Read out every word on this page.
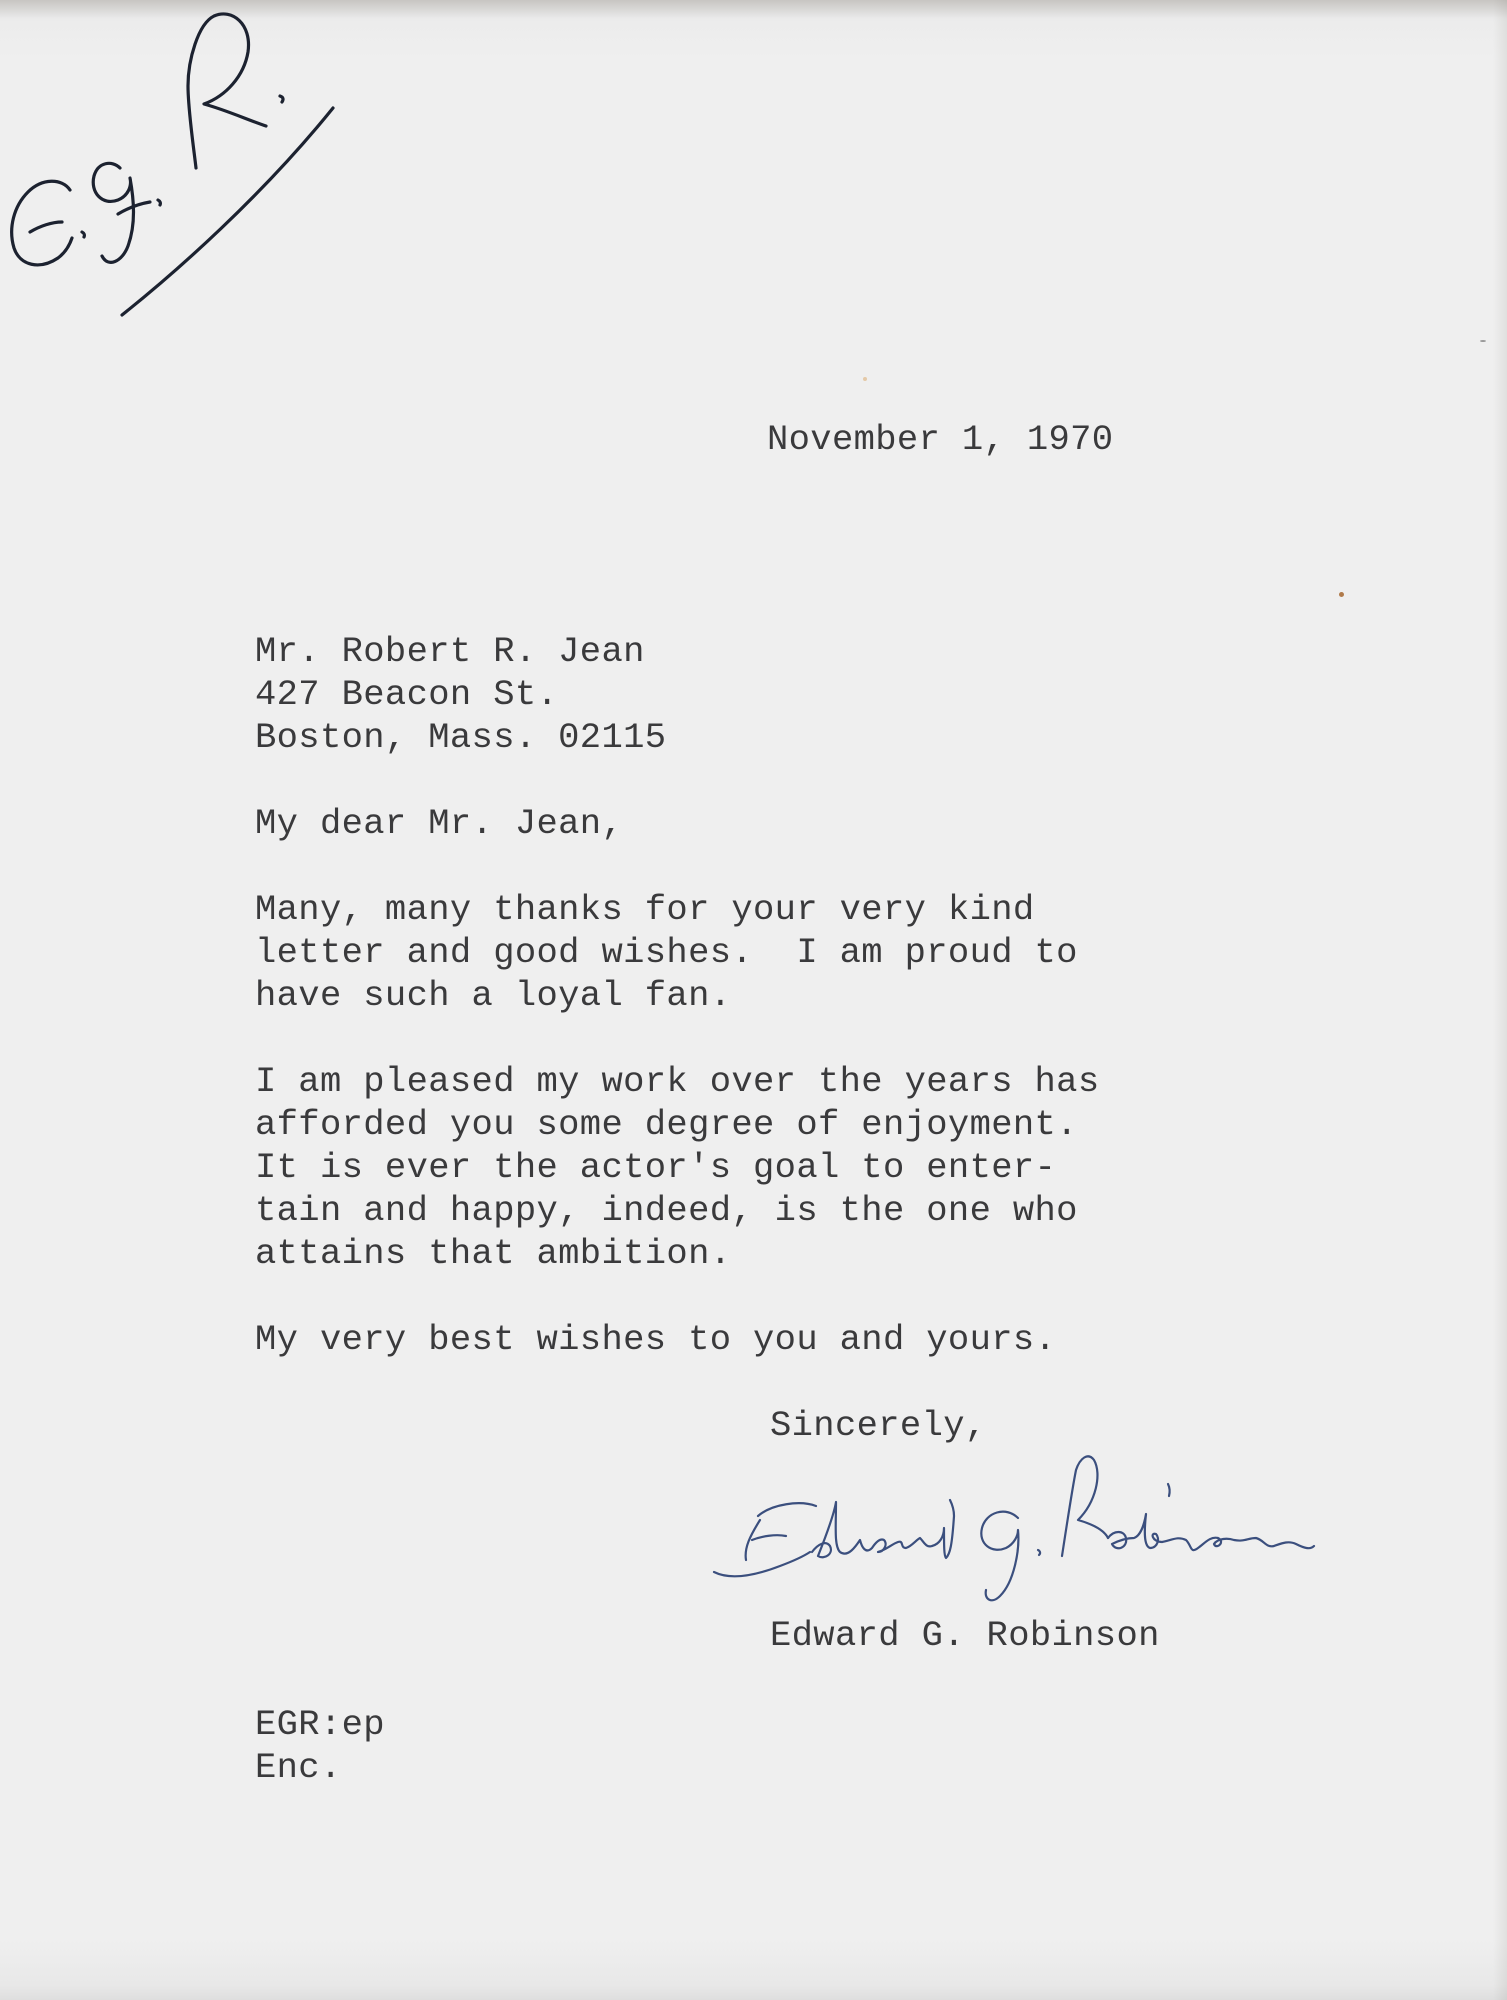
November 1, 1970
Mr. Robert R. Jean
427 Beacon St.
Boston, Mass. 02115
My dear Mr. Jean,
Many, many thanks for your very kind
letter and good wishes.  I am proud to
have such a loyal fan.
I am pleased my work over the years has
afforded you some degree of enjoyment.
It is ever the actor's goal to enter-
tain and happy, indeed, is the one who
attains that ambition.
My very best wishes to you and yours.
Sincerely,
Edward G. Robinson
EGR:ep
Enc.
